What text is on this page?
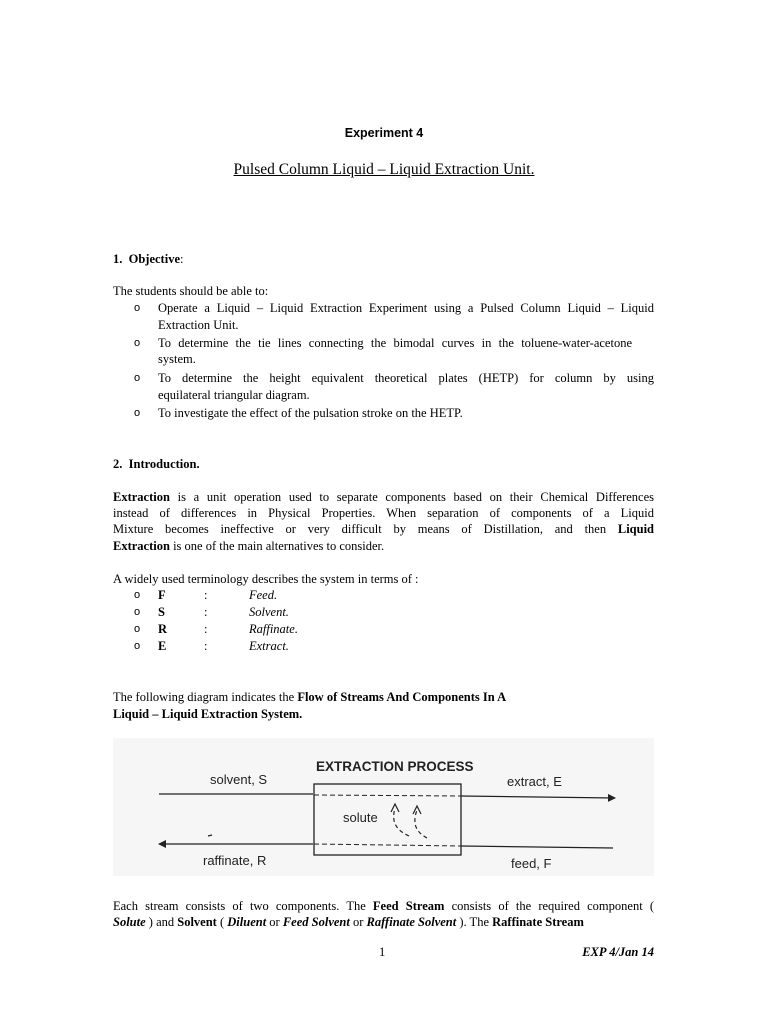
Experiment 4
Pulsed Column Liquid – Liquid Extraction Unit.
1. Objective:
The students should be able to:
o Operate a Liquid – Liquid Extraction Experiment using a Pulsed Column Liquid – Liquid
Extraction Unit.
o To determine the tie lines connecting the bimodal curves in the toluene-water-acetone
system.
o To determine the height equivalent theoretical plates (HETP) for column by using
equilateral triangular diagram.
o To investigate the effect of the pulsation stroke on the HETP.
2. Introduction.
Extraction is a unit operation used to separate components based on their Chemical Differences
instead of differences in Physical Properties. When separation of components of a Liquid
Mixture becomes ineffective or very difficult by means of Distillation, and then Liquid
Extraction is one of the main alternatives to consider.
A widely used terminology describes the system in terms of :
o F	:	Feed.
o S	:	Solvent.
o R	:	Raffinate.
o E	:	Extract.
The following diagram indicates the Flow of Streams And Components In A
Liquid – Liquid Extraction System.
EXTRACTION PROCESS
solvent, S	extract, E
solute
raffinate, R	feed, F
Each stream consists of two components. The Feed Stream consists of the required component (
Solute ) and Solvent ( Diluent or Feed Solvent or Raffinate Solvent ). The Raffinate Stream
1	EXP 4/Jan 14
